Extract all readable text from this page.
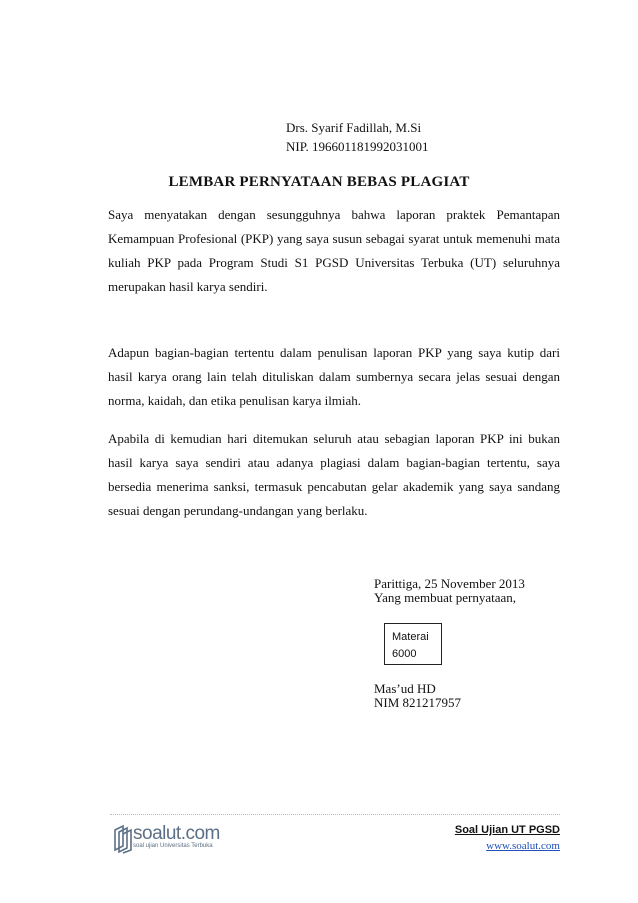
Drs. Syarif Fadillah, M.Si
NIP. 196601181992031001
LEMBAR PERNYATAAN BEBAS PLAGIAT
Saya menyatakan dengan sesungguhnya bahwa laporan praktek Pemantapan Kemampuan Profesional (PKP) yang saya susun sebagai syarat untuk memenuhi mata kuliah PKP pada Program Studi S1 PGSD Universitas Terbuka (UT) seluruhnya merupakan hasil karya sendiri.
Adapun bagian-bagian tertentu dalam penulisan laporan PKP yang saya kutip dari hasil karya orang lain telah dituliskan dalam sumbernya secara jelas sesuai dengan norma, kaidah, dan etika penulisan karya ilmiah.
Apabila di kemudian hari ditemukan seluruh atau sebagian laporan PKP ini bukan hasil karya saya sendiri atau adanya plagiasi dalam bagian-bagian tertentu, saya bersedia menerima sanksi, termasuk pencabutan gelar akademik yang saya sandang sesuai dengan perundang-undangan yang berlaku.
Parittiga, 25 November 2013
Yang membuat pernyataan,
Materai
6000
Mas’ud HD
NIM 821217957
soalut.com
soal ujian Universitas Terbuka
Soal Ujian UT PGSD
www.soalut.com
